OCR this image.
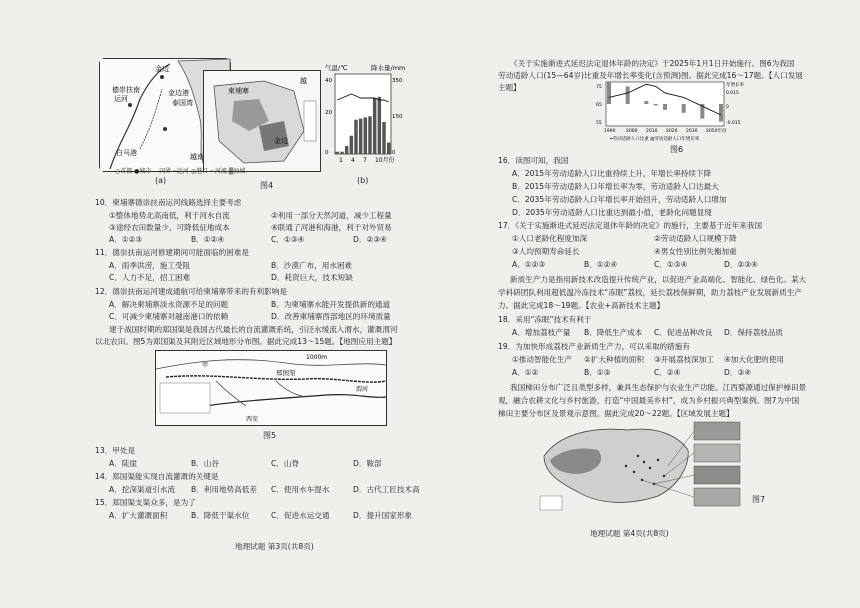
金边
德崇扶南
运河
金边港
泰国湾
白马港	越南
(a)
柬埔寨
金边
越
气温/℃	降水量/mm
1 4 7 10月份
40
20
0
350
150
0
(b)
○首都 ●城市 ―国界 ┅运河 ◎港口 ~河流 ▒海域
图4
10．柬埔寨德崇扶南运河线路选择主要考虑
①整体地势北高南低，利于河水自流	②利用一部分天然河道，减少工程量
③途经农田数量少，可降低征地成本	④联通了河港和海港，利于对外贸易
A．①②③	B．①②④	C．①③④	D．②③④
11．德崇扶南运河修建期间可能面临的困难是
A．雨季洪涝，施工受阻	B．沙漠广布，用水困难
C．人力不足，招工困难	D．耗资巨大，技术短缺
12．德崇扶南运河建成通航可给柬埔寨带来的有利影响是
A．解决柬埔寨淡水资源不足的问题	B．为柬埔寨水能开发提供新的通道
C．可减少柬埔寨对越南港口的依赖	D．改善柬埔寨西部地区的环境质量
建于战国时期的郑国渠是我国古代最长的自流灌溉系统，引泾水缓流入渭水，灌溉渭河
以北农田。图5为郑国渠及其附近区域地形分布图。据此完成13～15题。【地图应用主题】
甲
郑国渠
1000m
西安
渭河
图5
13．甲处是
A．陡崖	B．山谷	C．山脊	D．鞍部
14．郑国渠能实现自流灌溉的关键是
A．挖深渠道引水流 B．利用地势高低差 C．使用水车提水	D．古代工匠技术高
15．郑国渠支渠众多，是为了
A．扩大灌溉面积	B．降低干渠水位	C．促进水运交通	D．提升国家形象
地理试题 第3页(共8页)
《关于实施渐进式延迟法定退休年龄的决定》于2025年1月1日开始施行。图6为我国
劳动适龄人口(15—64岁)比重及年增长率变化(含预测)图。据此完成16～17题。【人口发展
主题】	75
65
55
年增长率
0.015
0
-0.015
1990 2000 2010 2020 2030 2050年份
━劳动适龄人口比重 ▥劳动适龄人口年增长率
图6
16．读图可知，我国
A．2015年劳动适龄人口比重持续上升，年增长率持续下降
B．2015年劳动适龄人口年增长率为零，劳动适龄人口达最大
C．2035年劳动适龄人口年增长率开始回升，劳动适龄人口增加
D．2035年劳动适龄人口比重达到最小值，老龄化问题显现
17．《关于实施渐进式延迟法定退休年龄的决定》的施行，主要基于近年来我国
①人口老龄化程度加深	②劳动适龄人口规模下降
③人均预期寿命延长	④男女性别比例失衡加重
A．①②③	B．①②④	C．①③④	D．②③④
新质生产力是指用新技术改造提升传统产业，以促进产业高端化、智能化、绿色化。某大
学科研团队利用超低温冷冻技术“冻眠”荔枝，延长荔枝保鲜期，助力荔枝产业发展新质生产
力。据此完成18～19题。【农业+高新技术主题】
18．采用“冻眠”技术有利于
A．增加荔枝产量 B．降低生产成本 C．促进品种改良 D．保持荔枝品质
19．为加快形成荔枝产业新质生产力，可以采取的措施有
①推动智能化生产 ②扩大种植的面积 ③开展荔枝深加工 ④加大化肥的使用
A．①②	B．①③	C．②④	D．③④
我国梯田分布广泛且类型多样，兼具生态保护与农业生产功能。江西婺源通过保护梯田景
观，融合农耕文化与乡村旅游，打造“中国最美乡村”，成为乡村振兴典型案例。图7为中国
梯田主要分布区及景观示意图。据此完成20～22题。【区域发展主题】
图7
地理试题 第4页(共8页)
